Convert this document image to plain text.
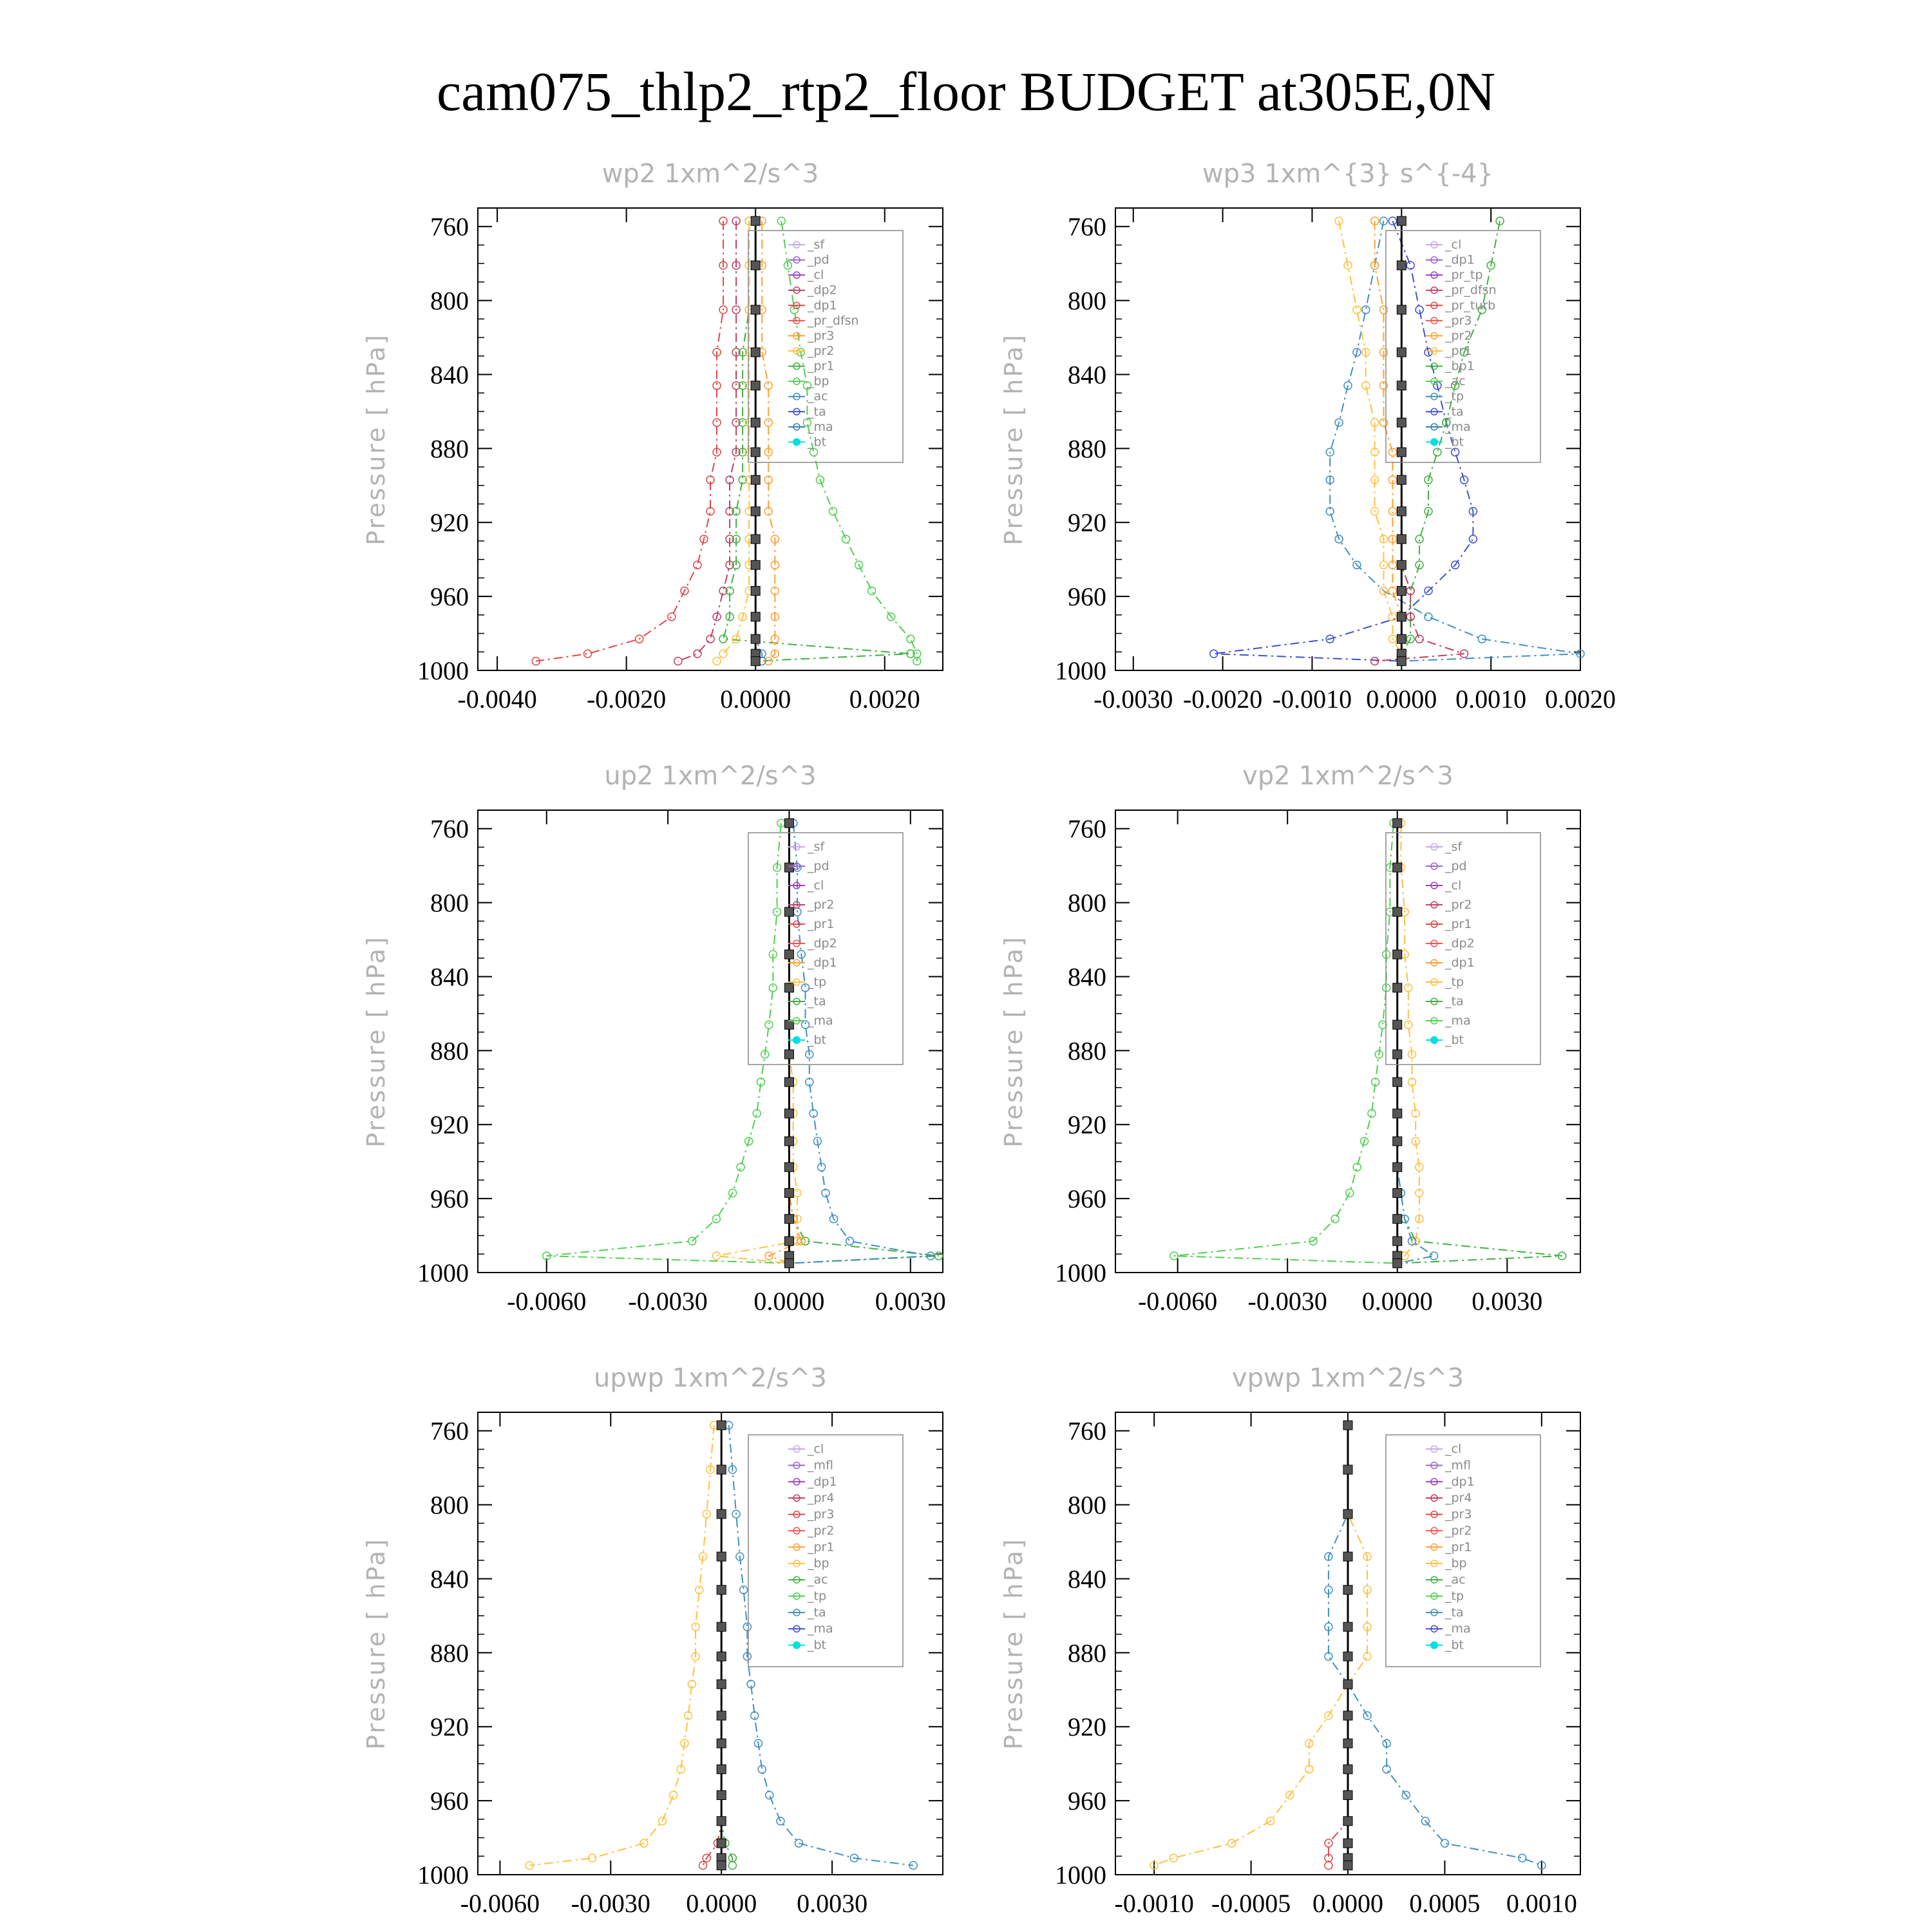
cam075_thlp2_rtp2_floor BUDGET at305E,0N
wp2 1xm^2/s^3
Pressure [ hPa]
760
800
840
880
920
960
1000
-0.0040 -0.0020 0.0000 0.0020
_sf
_pd
_cl
_dp2
_dp1
_pr_dfsn
_pr3
_pr2
_pr1
_bp
_ac
_ta
_ma
_bt
wp3 1xm^{3} s^{-4}
Pressure [ hPa]
760
800
840
880
920
960
1000
-0.0030 -0.0020 -0.0010 0.0000 0.0010 0.0020
_cl
_dp1
_pr_tp
_pr_dfsn
_pr_turb
_pr3
_pr2
_pr1
_bp1
_ac
_tp
_ta
_ma
_bt
up2 1xm^2/s^3
Pressure [ hPa]
760
800
840
880
920
960
1000
-0.0060 -0.0030 0.0000 0.0030
_sf
_pd
_cl
_pr2
_pr1
_dp2
_dp1
_tp
_ta
_ma
_bt
vp2 1xm^2/s^3
Pressure [ hPa]
760
800
840
880
920
960
1000
-0.0060 -0.0030 0.0000 0.0030
_sf
_pd
_cl
_pr2
_pr1
_dp2
_dp1
_tp
_ta
_ma
_bt
upwp 1xm^2/s^3
Pressure [ hPa]
760
800
840
880
920
960
1000
-0.0060 -0.0030 0.0000 0.0030
_cl
_mfl
_dp1
_pr4
_pr3
_pr2
_pr1
_bp
_ac
_tp
_ta
_ma
_bt
vpwp 1xm^2/s^3
Pressure [ hPa]
760
800
840
880
920
960
1000
-0.0010 -0.0005 0.0000 0.0005 0.0010
_cl
_mfl
_dp1
_pr4
_pr3
_pr2
_pr1
_bp
_ac
_tp
_ta
_ma
_bt
